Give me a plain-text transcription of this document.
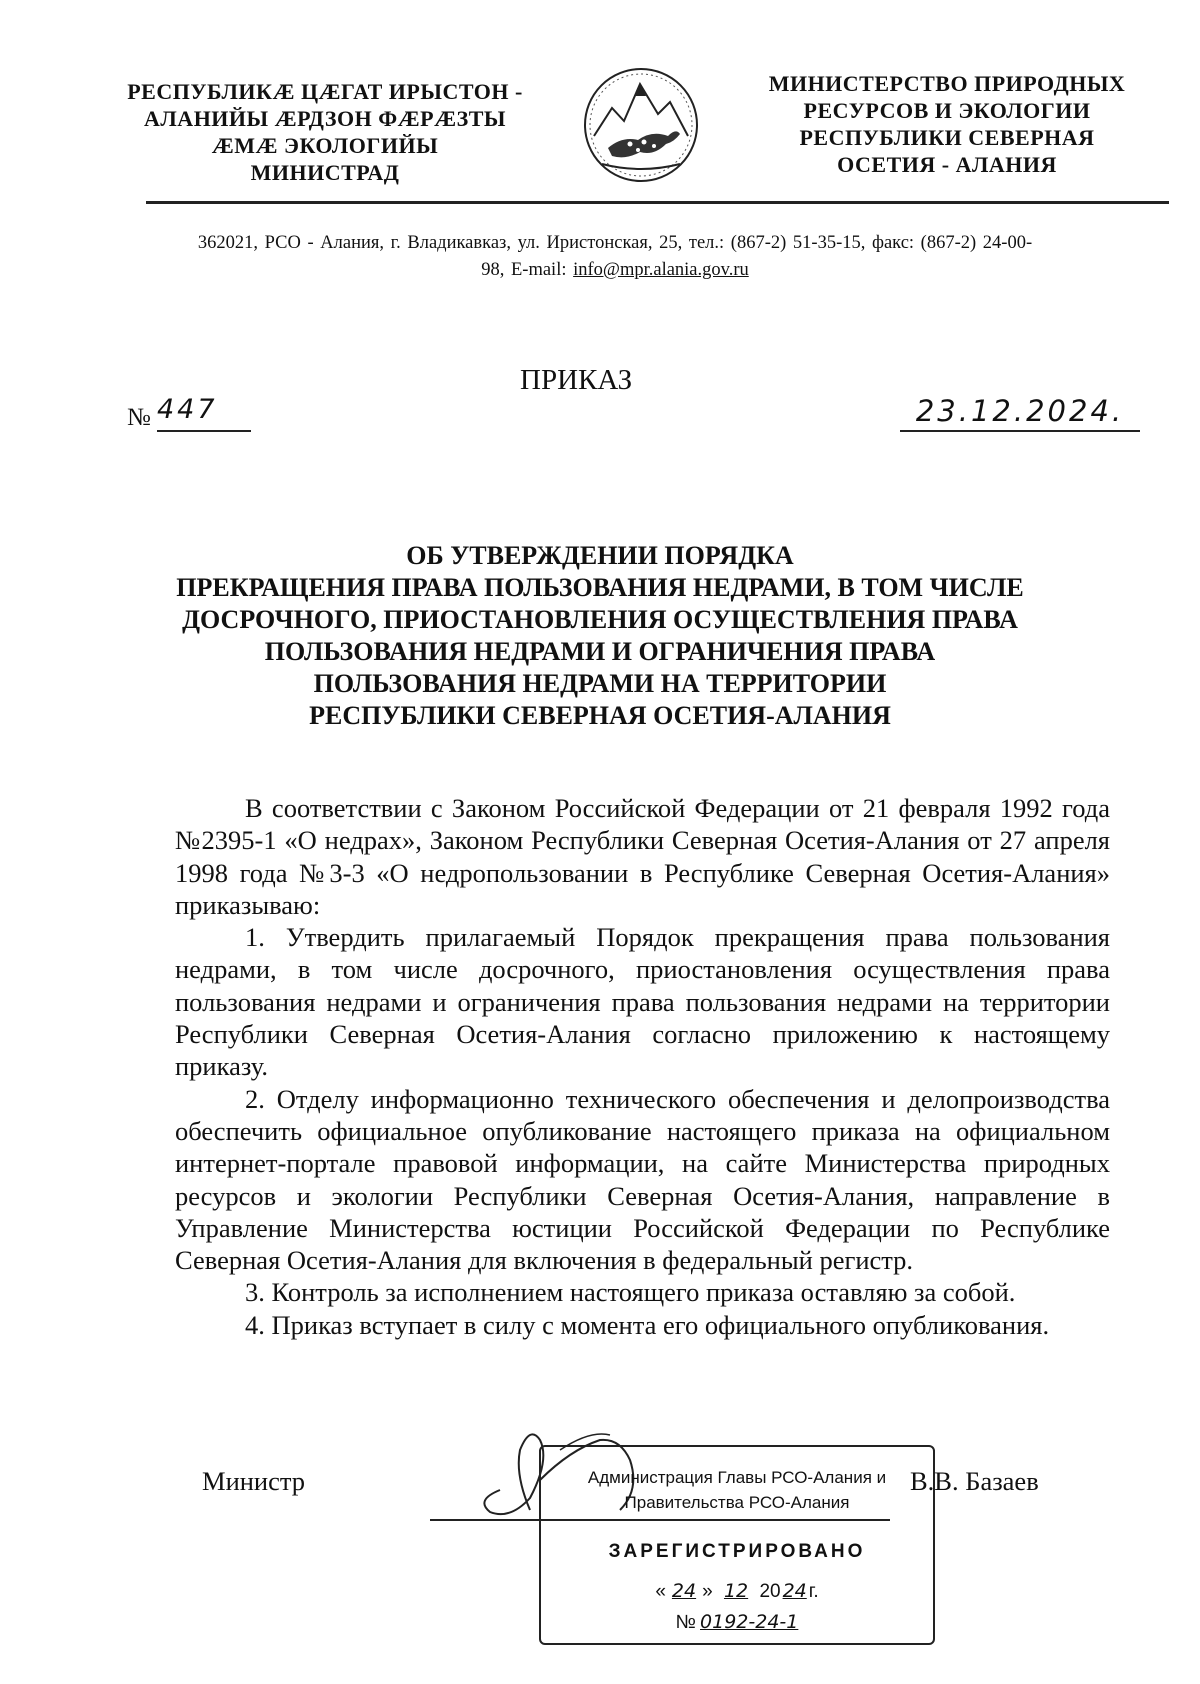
РЕСПУБЛИКӔ ЦӔГАТ ИРЫСТОН -
АЛАНИЙЫ ӔРДЗОН ФӔРӔЗТЫ
ӔМӔ ЭКОЛОГИЙЫ
МИНИСТРАД
МИНИСТЕРСТВО ПРИРОДНЫХ
РЕСУРСОВ И ЭКОЛОГИИ
РЕСПУБЛИКИ СЕВЕРНАЯ
ОСЕТИЯ - АЛАНИЯ
362021, РСО - Алания, г. Владикавказ, ул. Иристонская, 25, тел.: (867-2) 51-35-15, факс: (867-2) 24-00-
98, E-mail: info@mpr.alania.gov.ru
ПРИКАЗ
№ 447	23.12.2024.
ОБ УТВЕРЖДЕНИИ ПОРЯДКА
ПРЕКРАЩЕНИЯ ПРАВА ПОЛЬЗОВАНИЯ НЕДРАМИ, В ТОМ ЧИСЛЕ
ДОСРОЧНОГО, ПРИОСТАНОВЛЕНИЯ ОСУЩЕСТВЛЕНИЯ ПРАВА
ПОЛЬЗОВАНИЯ НЕДРАМИ И ОГРАНИЧЕНИЯ ПРАВА
ПОЛЬЗОВАНИЯ НЕДРАМИ НА ТЕРРИТОРИИ
РЕСПУБЛИКИ СЕВЕРНАЯ ОСЕТИЯ-АЛАНИЯ

В соответствии с Законом Российской Федерации от 21 февраля 1992 года №2395-1 «О недрах», Законом Республики Северная Осетия-Алания от 27 апреля 1998 года №3-3 «О недропользовании в Республике Северная Осетия-Алания» приказываю:

1. Утвердить прилагаемый Порядок прекращения права пользования недрами, в том числе досрочного, приостановления осуществления права пользования недрами и ограничения права пользования недрами на территории Республики Северная Осетия-Алания согласно приложению к настоящему приказу.

2. Отделу информационно технического обеспечения и делопроизводства обеспечить официальное опубликование настоящего приказа на официальном интернет-портале правовой информации, на сайте Министерства природных ресурсов и экологии Республики Северная Осетия-Алания, направление в Управление Министерства юстиции Российской Федерации по Республике Северная Осетия-Алания для включения в федеральный регистр.

3. Контроль за исполнением настоящего приказа оставляю за собой.

4. Приказ вступает в силу с момента его официального опубликования.

Министр	Администрация Главы РСО-Алания и
Правительства РСО-Алания
ЗАРЕГИСТРИРОВАНО
« 24 » 12 20 24 г.
№ 0192-24-1
В.В. Базаев
